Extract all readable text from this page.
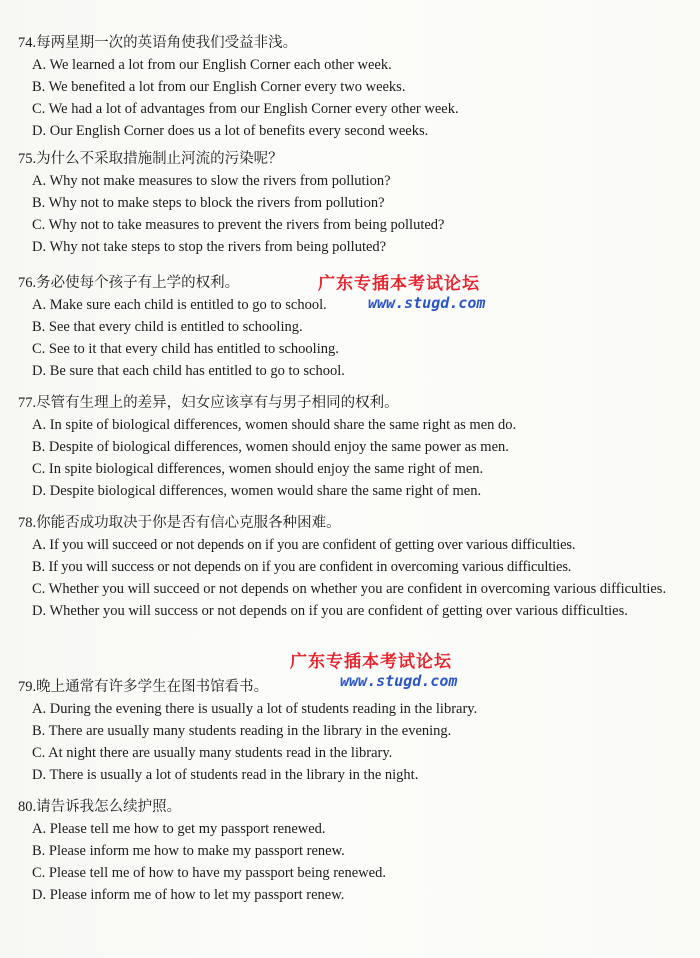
74.每两星期一次的英语角使我们受益非浅。
A. We learned a lot from our English Corner each other week.
B. We benefited a lot from our English Corner every two weeks.
C. We had a lot of advantages from our English Corner every other week.
D. Our English Corner does us a lot of benefits every second weeks.
75.为什么不采取措施制止河流的污染呢？
A. Why not make measures to slow the rivers from pollution?
B. Why not to make steps to block the rivers from pollution?
C. Why not to take measures to prevent the rivers from being polluted?
D. Why not take steps to stop the rivers from being polluted?
76.务必使每个孩子有上学的权利。
A. Make sure each child is entitled to go to school.
B. See that every child is entitled to schooling.
C. See to it that every child has entitled to schooling.
D. Be sure that each child has entitled to go to school.
77.尽管有生理上的差异，妇女应该享有与男子相同的权利。
A. In spite of biological differences, women should share the same right as men do.
B. Despite of biological differences, women should enjoy the same power as men.
C. In spite biological differences, women should enjoy the same right of men.
D. Despite biological differences, women would share the same right of men.
78.你能否成功取决于你是否有信心克服各种困难。
A. If you will succeed or not depends on if you are confident of getting over various difficulties.
B. If you will success or not depends on if you are confident in overcoming various difficulties.
C. Whether you will succeed or not depends on whether you are confident in overcoming various difficulties.
D. Whether you will success or not depends on if you are confident of getting over various difficulties.
79.晚上通常有许多学生在图书馆看书。
A. During the evening there is usually a lot of students reading in the library.
B. There are usually many students reading in the library in the evening.
C. At night there are usually many students read in the library.
D. There is usually a lot of students read in the library in the night.
80.请告诉我怎么续护照。
A. Please tell me how to get my passport renewed.
B. Please inform me how to make my passport renew.
C. Please tell me of how to have my passport being renewed.
D. Please inform me of how to let my passport renew.
广东专插本考试论坛
www.stugd.com
广东专插本考试论坛
www.stugd.com
